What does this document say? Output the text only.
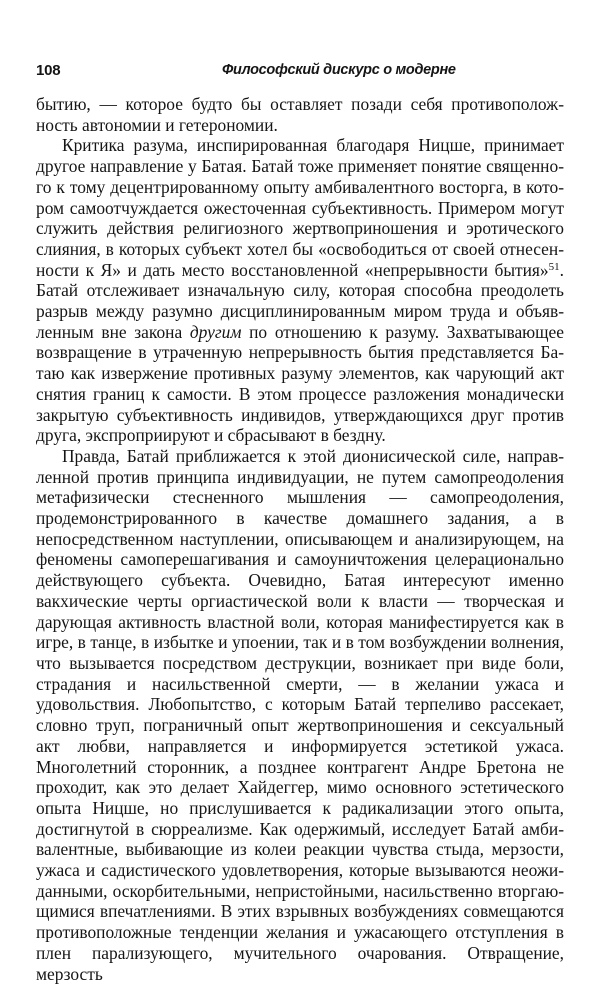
108	Философский дискурс о модерне

бытию, — которое будто бы оставляет позади себя противоположность автономии и гетерономии.

Критика разума, инспирированная благодаря Ницше, принимает другое направление у Батая. Батай тоже применяет понятие священного к тому децентрированному опыту амбивалентного восторга, в котором самоотчуждается ожесточенная субъективность. Примером могут служить действия религиозного жертвоприношения и эротического слияния, в которых субъект хотел бы «освободиться от своей отнесенности к Я» и дать место восстановленной «непрерывности бытия»$^{51}$. Батай отслеживает изначальную силу, которая способна преодолеть разрыв между разумно дисциплинированным миром труда и объявленным вне закона другим по отношению к разуму. Захватывающее возвращение в утраченную непрерывность бытия представляется Батаю как извержение противных разуму элементов, как чарующий акт снятия границ к самости. В этом процессе разложения монадически закрытую субъективность индивидов, утверждающихся друг против друга, экспроприируют и сбрасывают в бездну.

Правда, Батай приближается к этой дионисической силе, направленной против принципа индивидуации, не путем самопреодоления метафизически стесненного мышления — самопреодоления, продемонстрированного в качестве домашнего задания, а в непосредственном наступлении, описывающем и анализирующем, на феномены самоперешагивания и самоуничтожения целерационально действующего субъекта. Очевидно, Батая интересуют именно вакхические черты оргиастической воли к власти — творческая и дарующая активность властной воли, которая манифестируется как в игре, в танце, в избытке и упоении, так и в том возбуждении волнения, что вызывается посредством деструкции, возникает при виде боли, страдания и насильственной смерти, — в желании ужаса и удовольствия. Любопытство, с которым Батай терпеливо рассекает, словно труп, пограничный опыт жертвоприношения и сексуальный акт любви, направляется и информируется эстетикой ужаса. Многолетний сторонник, а позднее контрагент Андре Бретона не проходит, как это делает Хайдеггер, мимо основного эстетического опыта Ницше, но прислушивается к радикализации этого опыта, достигнутой в сюрреализме. Как одержимый, исследует Батай амбивалентные, выбивающие из колеи реакции чувства стыда, мерзости, ужаса и садистического удовлетворения, которые вызываются неожиданными, оскорбительными, непристойными, насильственно вторгающимися впечатлениями. В этих взрывных возбуждениях совмещаются противоположные тенденции желания и ужасающего отступления в плен парализующего, мучительного очарования. Отвращение, мерзость
